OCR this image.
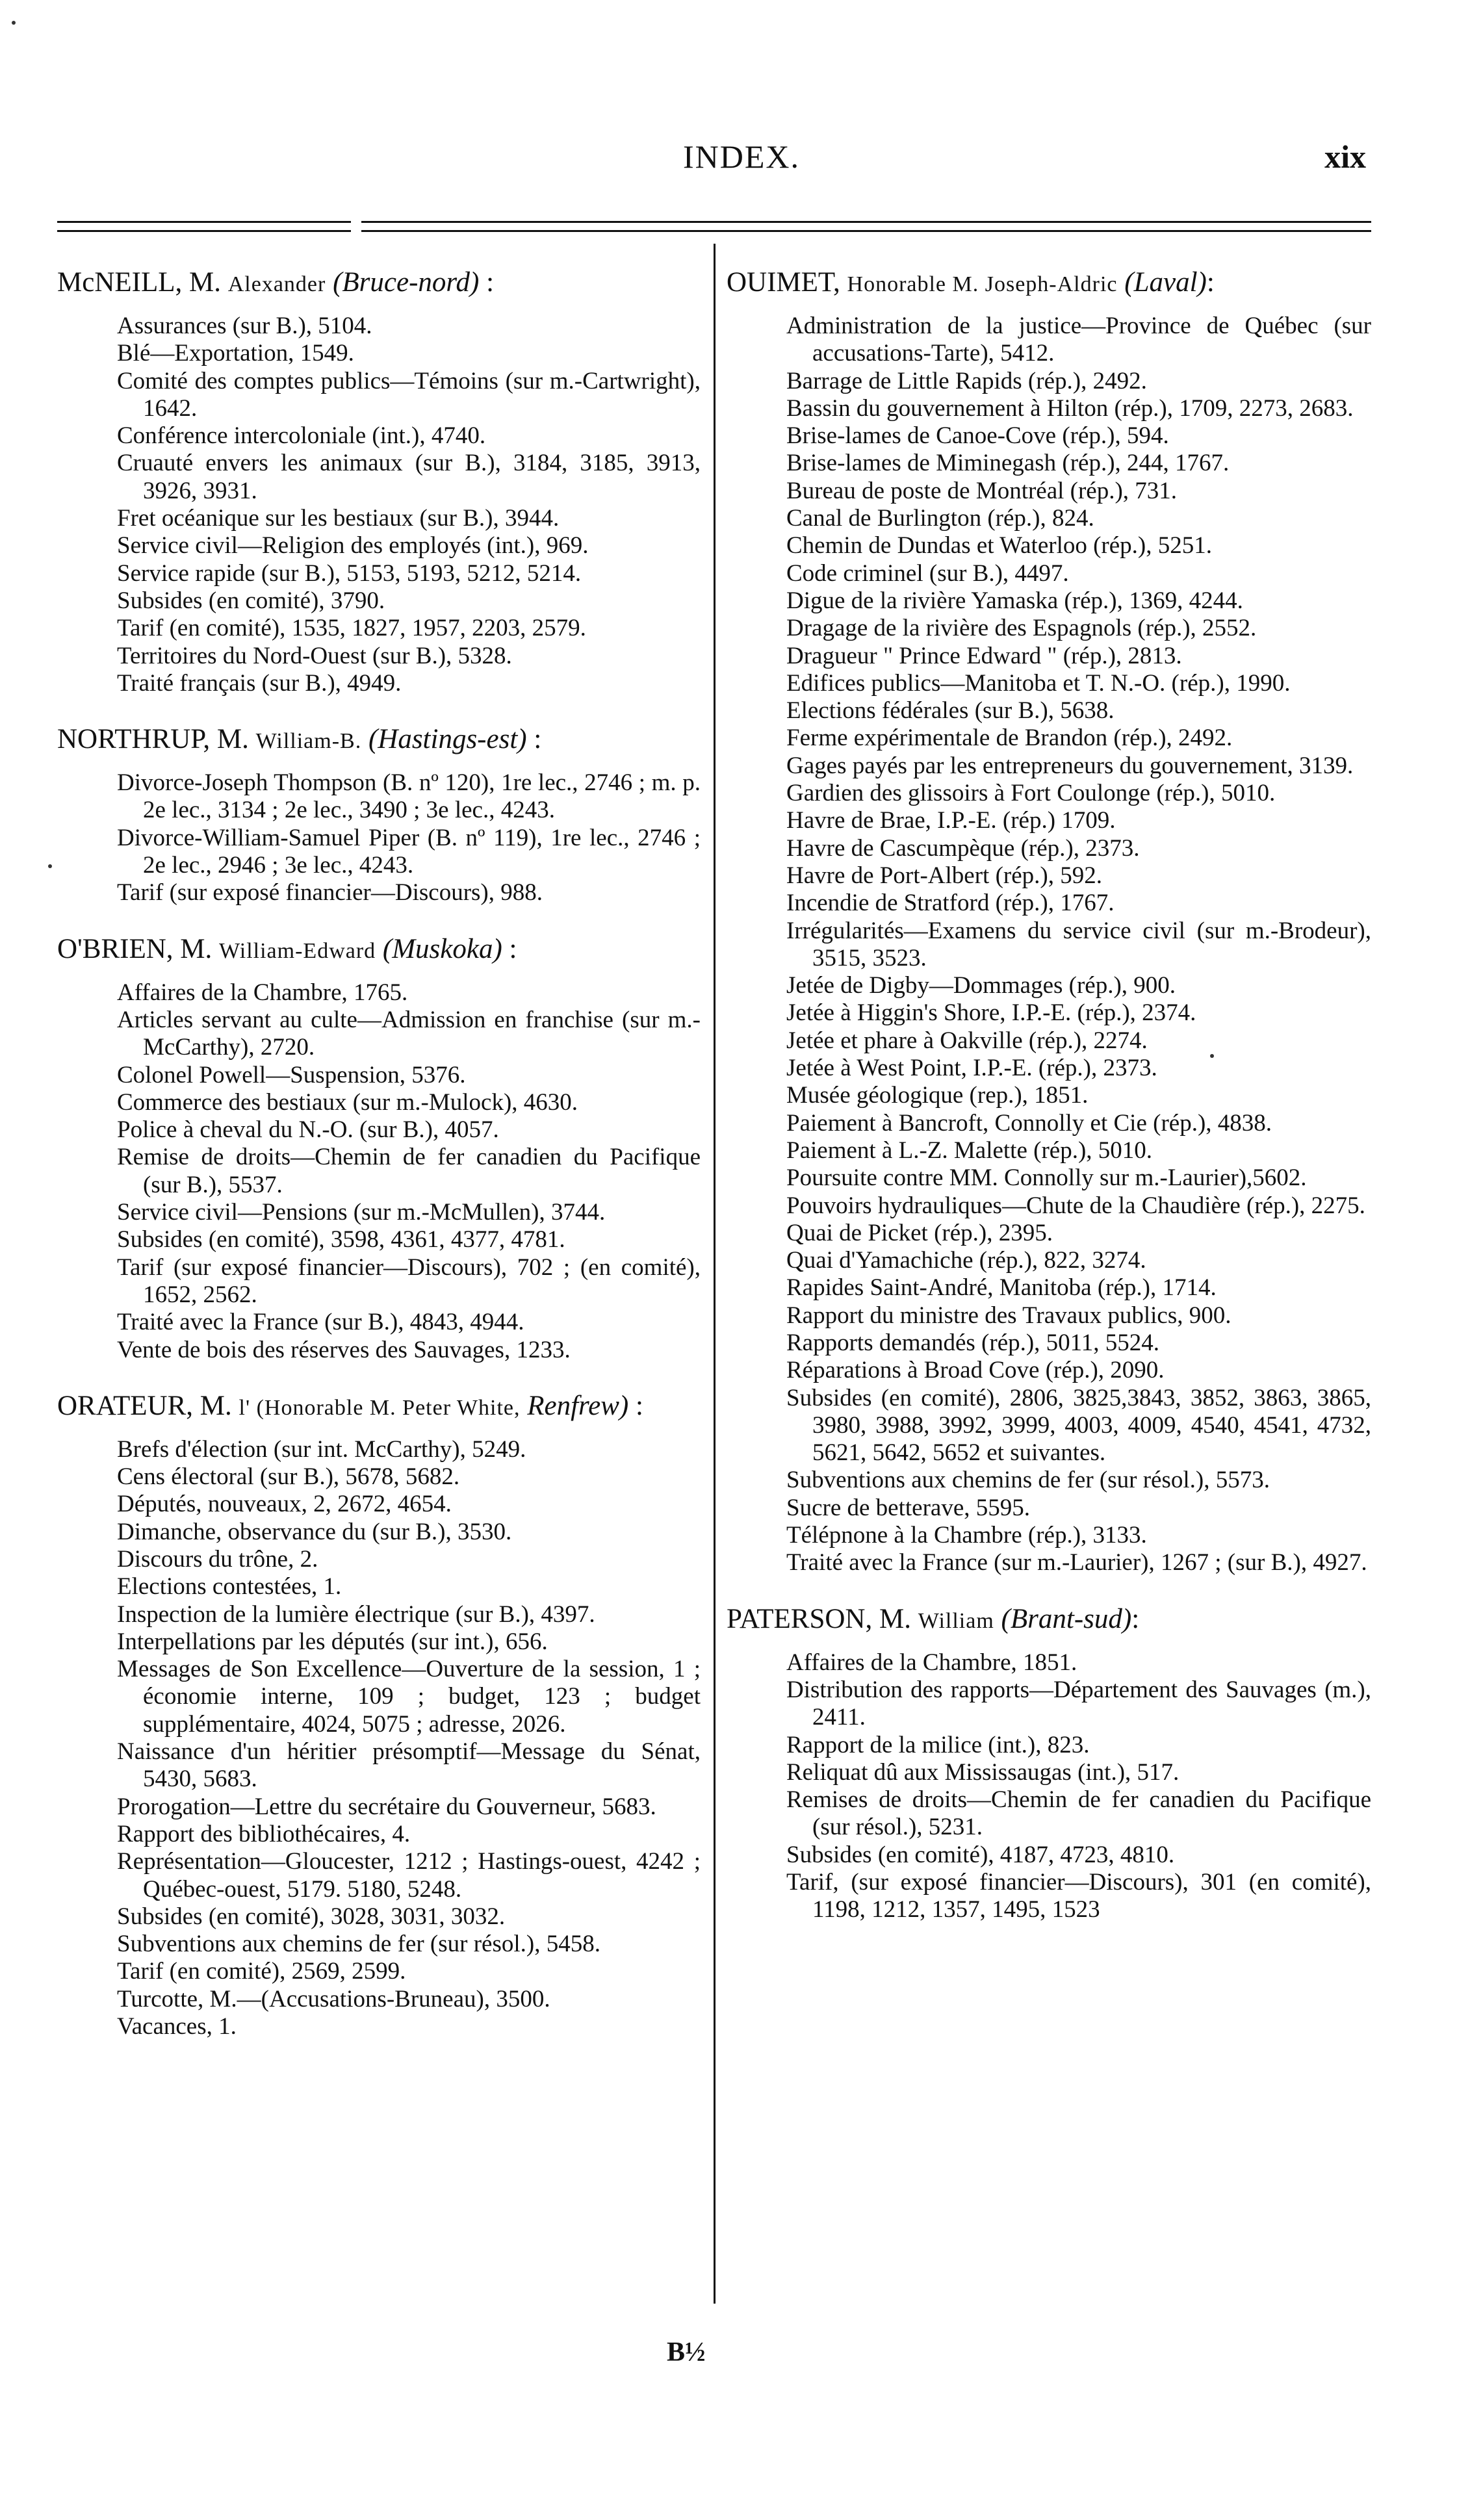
INDEX.	xix
McNEILL, M. Alexander (Bruce-nord) :
Assurances (sur B.), 5104.
Blé—Exportation, 1549.
Comité des comptes publics—Témoins (sur m.-Cartwright), 1642.
Conférence intercoloniale (int.), 4740.
Cruauté envers les animaux (sur B.), 3184, 3185, 3913, 3926, 3931.
Fret océanique sur les bestiaux (sur B.), 3944.
Service civil—Religion des employés (int.), 969.
Service rapide (sur B.), 5153, 5193, 5212, 5214.
Subsides (en comité), 3790.
Tarif (en comité), 1535, 1827, 1957, 2203, 2579.
Territoires du Nord-Ouest (sur B.), 5328.
Traité français (sur B.), 4949.
NORTHRUP, M. William-B. (Hastings-est) :
Divorce-Joseph Thompson (B. nº 120), 1re lec., 2746 ; m. p. 2e lec., 3134 ; 2e lec., 3490 ; 3e lec., 4243.
Divorce-William-Samuel Piper (B. nº 119), 1re lec., 2746 ; 2e lec., 2946 ; 3e lec., 4243.
Tarif (sur exposé financier—Discours), 988.
O'BRIEN, M. William-Edward (Muskoka) :
Affaires de la Chambre, 1765.
Articles servant au culte—Admission en franchise (sur m.-McCarthy), 2720.
Colonel Powell—Suspension, 5376.
Commerce des bestiaux (sur m.-Mulock), 4630.
Police à cheval du N.-O. (sur B.), 4057.
Remise de droits—Chemin de fer canadien du Pacifique (sur B.), 5537.
Service civil—Pensions (sur m.-McMullen), 3744.
Subsides (en comité), 3598, 4361, 4377, 4781.
Tarif (sur exposé financier—Discours), 702 ; (en comité), 1652, 2562.
Traité avec la France (sur B.), 4843, 4944.
Vente de bois des réserves des Sauvages, 1233.
ORATEUR, M. l' (Honorable M. Peter White, Renfrew) :
Brefs d'élection (sur int. McCarthy), 5249.
Cens électoral (sur B.), 5678, 5682.
Députés, nouveaux, 2, 2672, 4654.
Dimanche, observance du (sur B.), 3530.
Discours du trône, 2.
Elections contestées, 1.
Inspection de la lumière électrique (sur B.), 4397.
Interpellations par les députés (sur int.), 656.
Messages de Son Excellence—Ouverture de la session, 1 ; économie interne, 109 ; budget, 123 ; budget supplémentaire, 4024, 5075 ; adresse, 2026.
Naissance d'un héritier présomptif—Message du Sénat, 5430, 5683.
Prorogation—Lettre du secrétaire du Gouverneur, 5683.
Rapport des bibliothécaires, 4.
Représentation—Gloucester, 1212 ; Hastings-ouest, 4242 ; Québec-ouest, 5179. 5180, 5248.
Subsides (en comité), 3028, 3031, 3032.
Subventions aux chemins de fer (sur résol.), 5458.
Tarif (en comité), 2569, 2599.
Turcotte, M.—(Accusations-Bruneau), 3500.
Vacances, 1.
OUIMET, Honorable M. Joseph-Aldric (Laval):
Administration de la justice—Province de Québec (sur accusations-Tarte), 5412.
Barrage de Little Rapids (rép.), 2492.
Bassin du gouvernement à Hilton (rép.), 1709, 2273, 2683.
Brise-lames de Canoe-Cove (rép.), 594.
Brise-lames de Miminegash (rép.), 244, 1767.
Bureau de poste de Montréal (rép.), 731.
Canal de Burlington (rép.), 824.
Chemin de Dundas et Waterloo (rép.), 5251.
Code criminel (sur B.), 4497.
Digue de la rivière Yamaska (rép.), 1369, 4244.
Dragage de la rivière des Espagnols (rép.), 2552.
Dragueur " Prince Edward " (rép.), 2813.
Edifices publics—Manitoba et T. N.-O. (rép.), 1990.
Elections fédérales (sur B.), 5638.
Ferme expérimentale de Brandon (rép.), 2492.
Gages payés par les entrepreneurs du gouvernement, 3139.
Gardien des glissoirs à Fort Coulonge (rép.), 5010.
Havre de Brae, I.P.-E. (rép.) 1709.
Havre de Cascumpèque (rép.), 2373.
Havre de Port-Albert (rép.), 592.
Incendie de Stratford (rép.), 1767.
Irrégularités—Examens du service civil (sur m.-Brodeur), 3515, 3523.
Jetée de Digby—Dommages (rép.), 900.
Jetée à Higgin's Shore, I.P.-E. (rép.), 2374.
Jetée et phare à Oakville (rép.), 2274.
Jetée à West Point, I.P.-E. (rép.), 2373.
Musée géologique (rep.), 1851.
Paiement à Bancroft, Connolly et Cie (rép.), 4838.
Paiement à L.-Z. Malette (rép.), 5010.
Poursuite contre MM. Connolly sur m.-Laurier),5602.
Pouvoirs hydrauliques—Chute de la Chaudière (rép.), 2275.
Quai de Picket (rép.), 2395.
Quai d'Yamachiche (rép.), 822, 3274.
Rapides Saint-André, Manitoba (rép.), 1714.
Rapport du ministre des Travaux publics, 900.
Rapports demandés (rép.), 5011, 5524.
Réparations à Broad Cove (rép.), 2090.
Subsides (en comité), 2806, 3825,3843, 3852, 3863, 3865, 3980, 3988, 3992, 3999, 4003, 4009, 4540, 4541, 4732, 5621, 5642, 5652 et suivantes.
Subventions aux chemins de fer (sur résol.), 5573.
Sucre de betterave, 5595.
Télépnone à la Chambre (rép.), 3133.
Traité avec la France (sur m.-Laurier), 1267 ; (sur B.), 4927.
PATERSON, M. William (Brant-sud):
Affaires de la Chambre, 1851.
Distribution des rapports—Département des Sauvages (m.), 2411.
Rapport de la milice (int.), 823.
Reliquat dû aux Mississaugas (int.), 517.
Remises de droits—Chemin de fer canadien du Pacifique (sur résol.), 5231.
Subsides (en comité), 4187, 4723, 4810.
Tarif, (sur exposé financier—Discours), 301 (en comité), 1198, 1212, 1357, 1495, 1523
B½
